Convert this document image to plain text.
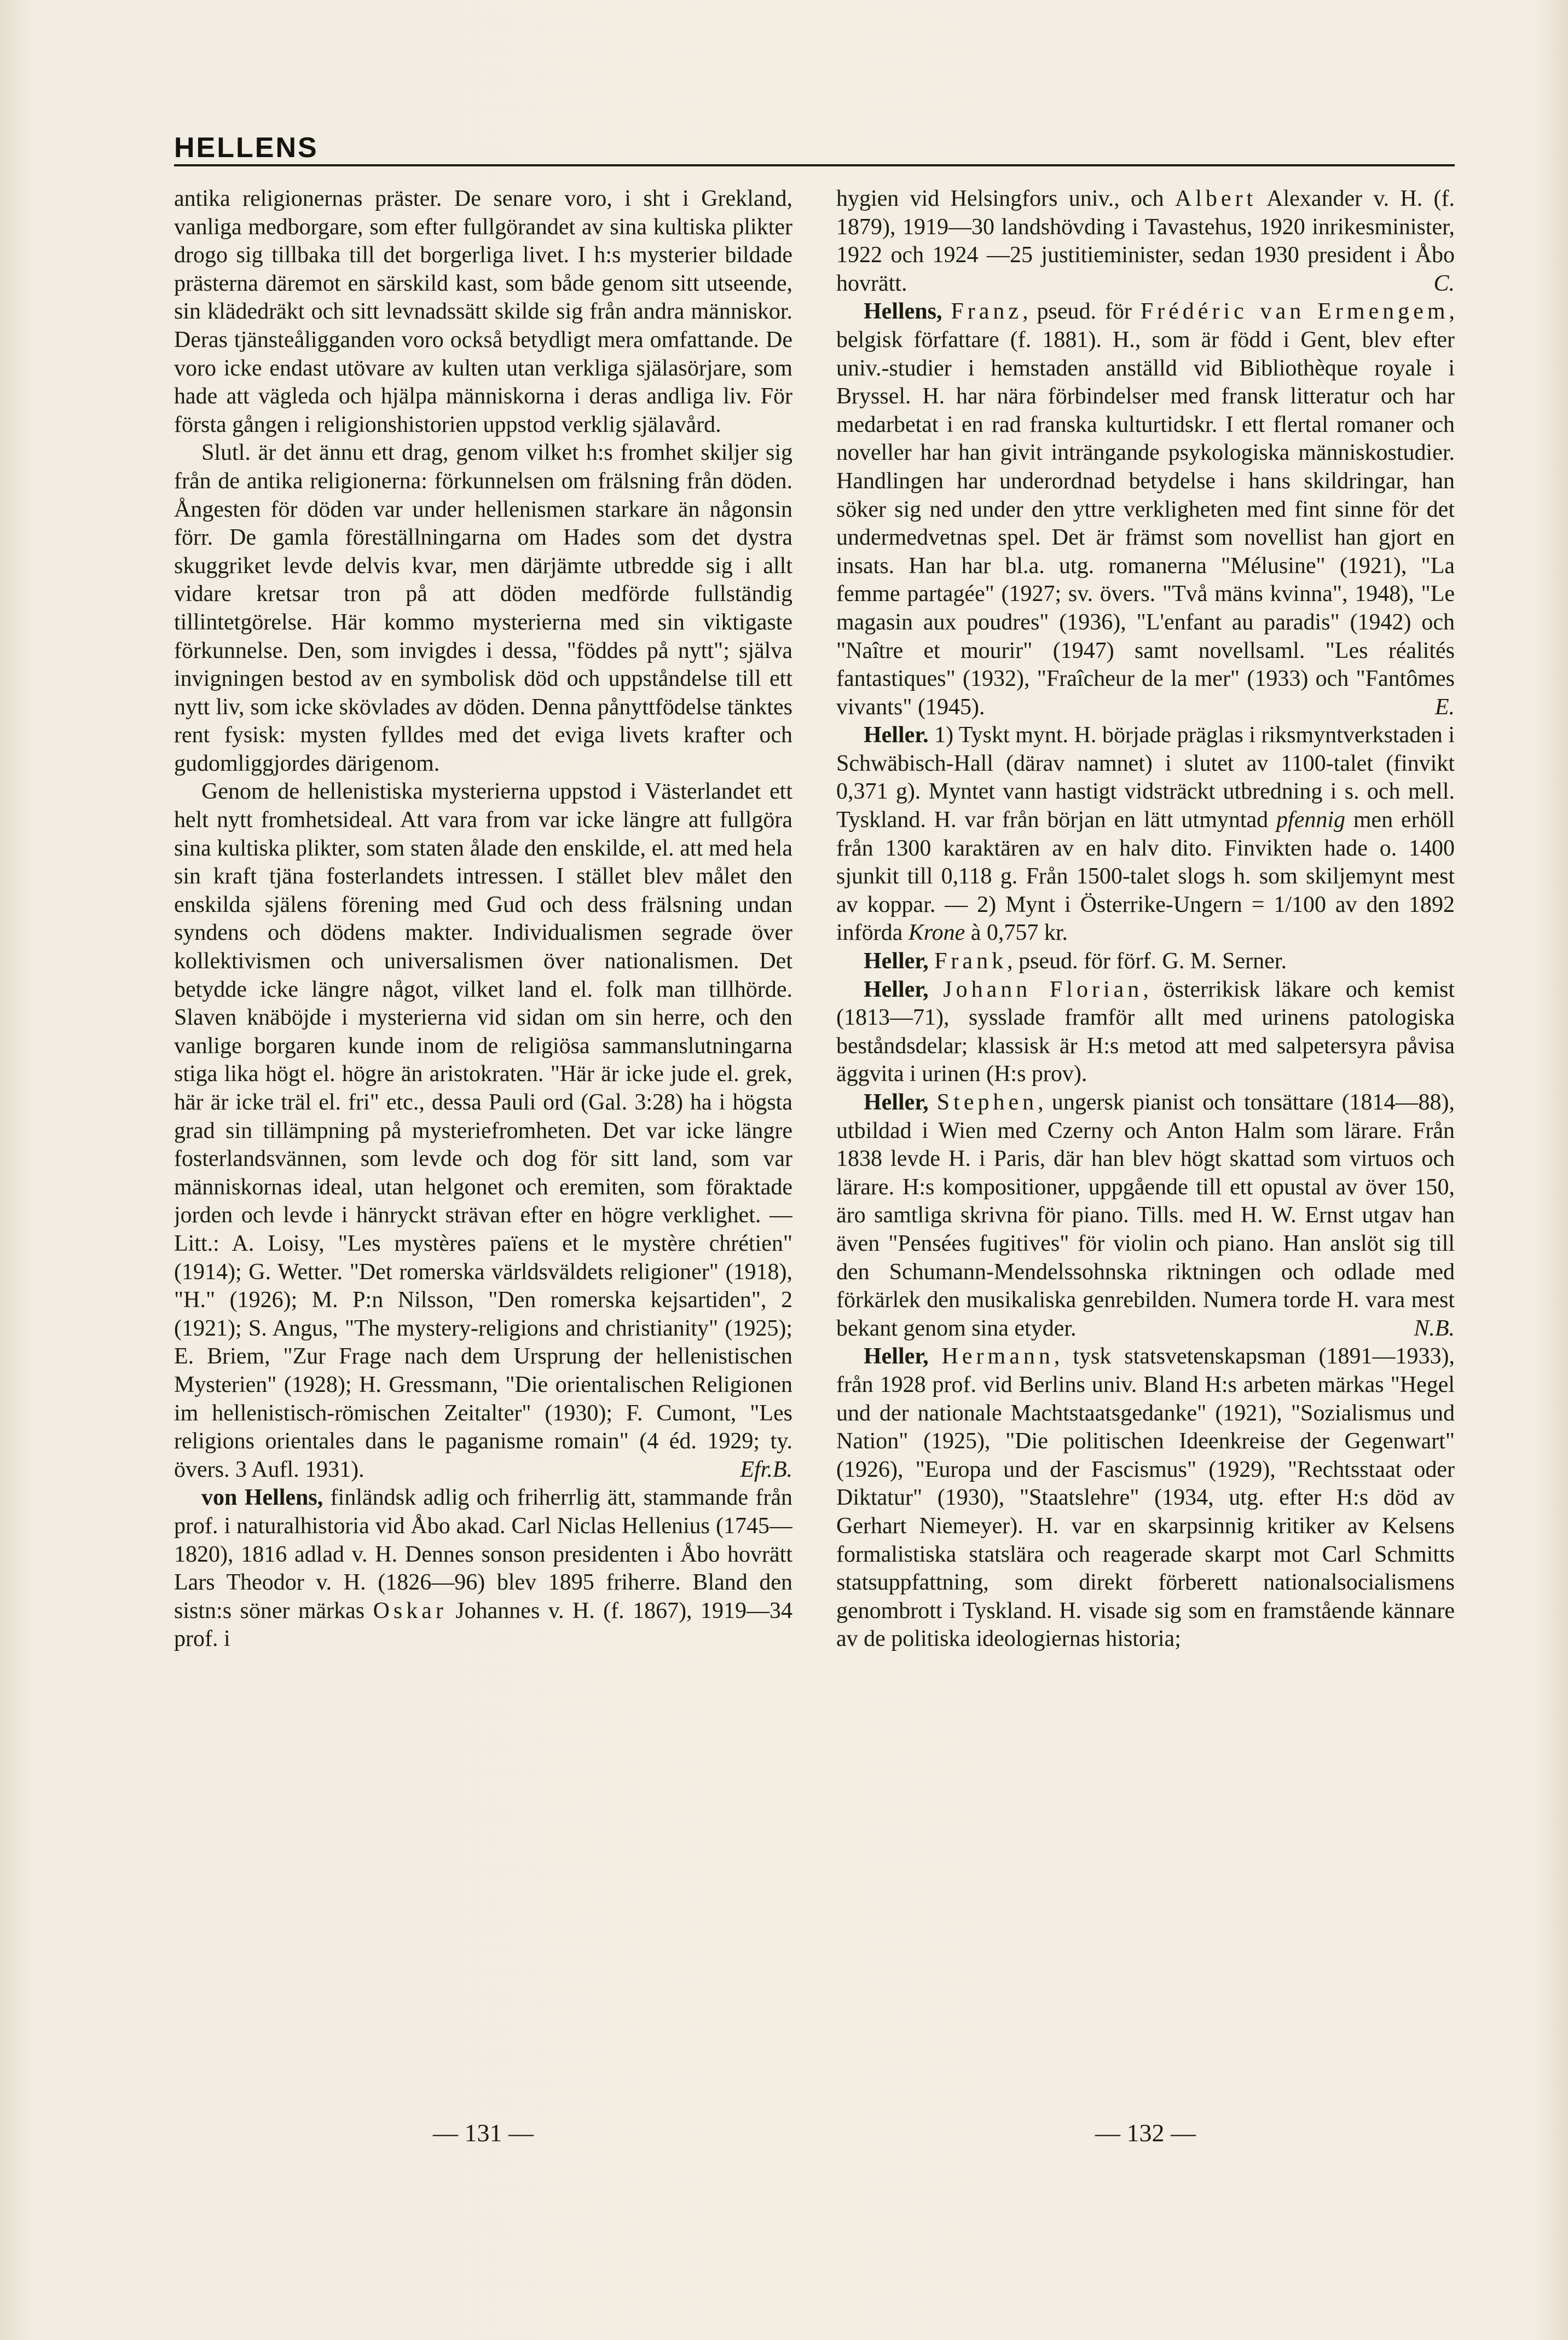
HELLENS

antika religionernas präster. De senare voro, i sht i Grekland, vanliga medborgare, som efter fullgörandet av sina kultiska plikter drogo sig tillbaka till det borgerliga livet. I h:s mysterier bildade prästerna däremot en särskild kast, som både genom sitt utseende, sin klädedräkt och sitt levnadssätt skilde sig från andra människor. Deras tjänsteåligganden voro också betydligt mera omfattande. De voro icke endast utövare av kulten utan verkliga själasörjare, som hade att vägleda och hjälpa människorna i deras andliga liv. För första gången i religionshistorien uppstod verklig själavård.

Slutl. är det ännu ett drag, genom vilket h:s fromhet skiljer sig från de antika religionerna: förkunnelsen om frälsning från döden. Ångesten för döden var under hellenismen starkare än någonsin förr. De gamla föreställningarna om Hades som det dystra skuggriket levde delvis kvar, men därjämte utbredde sig i allt vidare kretsar tron på att döden medförde fullständig tillintetgörelse. Här kommo mysterierna med sin viktigaste förkunnelse. Den, som invigdes i dessa, "föddes på nytt"; själva invigningen bestod av en symbolisk död och uppståndelse till ett nytt liv, som icke skövlades av döden. Denna pånyttfödelse tänktes rent fysisk: mysten fylldes med det eviga livets krafter och gudomliggjordes därigenom.

Genom de hellenistiska mysterierna uppstod i Västerlandet ett helt nytt fromhetsideal. Att vara from var icke längre att fullgöra sina kultiska plikter, som staten ålade den enskilde, el. att med hela sin kraft tjäna fosterlandets intressen. I stället blev målet den enskilda själens förening med Gud och dess frälsning undan syndens och dödens makter. Individualismen segrade över kollektivismen och universalismen över nationalismen. Det betydde icke längre något, vilket land el. folk man tillhörde. Slaven knäböjde i mysterierna vid sidan om sin herre, och den vanlige borgaren kunde inom de religiösa sammanslutningarna stiga lika högt el. högre än aristokraten. "Här är icke jude el. grek, här är icke träl el. fri" etc., dessa Pauli ord (Gal. 3:28) ha i högsta grad sin tillämpning på mysteriefromheten. Det var icke längre fosterlandsvännen, som levde och dog för sitt land, som var människornas ideal, utan helgonet och eremiten, som föraktade jorden och levde i hänryckt strävan efter en högre verklighet. — Litt.: A. Loisy, "Les mystères païens et le mystère chrétien" (1914); G. Wetter. "Det romerska världsväldets religioner" (1918), "H." (1926); M. P:n Nilsson, "Den romerska kejsartiden", 2 (1921); S. Angus, "The mystery-religions and christianity" (1925); E. Briem, "Zur Frage nach dem Ursprung der hellenistischen Mysterien" (1928); H. Gressmann, "Die orientalischen Religionen im hellenistisch-römischen Zeitalter" (1930); F. Cumont, "Les religions orientales dans le paganisme romain" (4 éd. 1929; ty. övers. 3 Aufl. 1931).	Efr.B.

von Hellens, finländsk adlig och friherrlig ätt, stammande från prof. i naturalhistoria vid Åbo akad. Carl Niclas Hellenius (1745—1820), 1816 adlad v. H. Dennes sonson presidenten i Åbo hovrätt Lars Theodor v. H. (1826—96) blev 1895 friherre. Bland den sistn:s söner märkas Oskar Johannes v. H. (f. 1867), 1919—34 prof. i

hygien vid Helsingfors univ., och Albert Alexander v. H. (f. 1879), 1919—30 landshövding i Tavastehus, 1920 inrikesminister, 1922 och 1924 —25 justitieminister, sedan 1930 president i Åbo hovrätt.	C.

Hellens, Franz, pseud. för Frédéric van Ermengem, belgisk författare (f. 1881). H., som är född i Gent, blev efter univ.-studier i hemstaden anställd vid Bibliothèque royale i Bryssel. H. har nära förbindelser med fransk litteratur och har medarbetat i en rad franska kulturtidskr. I ett flertal romaner och noveller har han givit inträngande psykologiska människostudier. Handlingen har underordnad betydelse i hans skildringar, han söker sig ned under den yttre verkligheten med fint sinne för det undermedvetnas spel. Det är främst som novellist han gjort en insats. Han har bl.a. utg. romanerna "Mélusine" (1921), "La femme partagée" (1927; sv. övers. "Två mäns kvinna", 1948), "Le magasin aux poudres" (1936), "L'enfant au paradis" (1942) och "Naître et mourir" (1947) samt novellsaml. "Les réalités fantastiques" (1932), "Fraîcheur de la mer" (1933) och "Fantômes vivants" (1945).	E.

Heller. 1) Tyskt mynt. H. började präglas i riksmyntverkstaden i Schwäbisch-Hall (därav namnet) i slutet av 1100-talet (finvikt 0,371 g). Myntet vann hastigt vidsträckt utbredning i s. och mell. Tyskland. H. var från början en lätt utmyntad pfennig men erhöll från 1300 karaktären av en halv dito. Finvikten hade o. 1400 sjunkit till 0,118 g. Från 1500-talet slogs h. som skiljemynt mest av koppar. — 2) Mynt i Österrike-Ungern = 1/100 av den 1892 införda Krone à 0,757 kr.

Heller, Frank, pseud. för förf. G. M. Serner.

Heller, Johann Florian, österrikisk läkare och kemist (1813—71), sysslade framför allt med urinens patologiska beståndsdelar; klassisk är H:s metod att med salpetersyra påvisa äggvita i urinen (H:s prov).

Heller, Stephen, ungersk pianist och tonsättare (1814—88), utbildad i Wien med Czerny och Anton Halm som lärare. Från 1838 levde H. i Paris, där han blev högt skattad som virtuos och lärare. H:s kompositioner, uppgående till ett opustal av över 150, äro samtliga skrivna för piano. Tills. med H. W. Ernst utgav han även "Pensées fugitives" för violin och piano. Han anslöt sig till den Schumann-Mendelssohnska riktningen och odlade med förkärlek den musikaliska genrebilden. Numera torde H. vara mest bekant genom sina etyder.	N.B.

Heller, Hermann, tysk statsvetenskapsman (1891—1933), från 1928 prof. vid Berlins univ. Bland H:s arbeten märkas "Hegel und der nationale Machtstaatsgedanke" (1921), "Sozialismus und Nation" (1925), "Die politischen Ideenkreise der Gegenwart" (1926), "Europa und der Fascismus" (1929), "Rechtsstaat oder Diktatur" (1930), "Staatslehre" (1934, utg. efter H:s död av Gerhart Niemeyer). H. var en skarpsinnig kritiker av Kelsens formalistiska statslära och reagerade skarpt mot Carl Schmitts statsuppfattning, som direkt förberett nationalsocialismens genombrott i Tyskland. H. visade sig som en framstående kännare av de politiska ideologiernas historia;

— 131 —	— 132 —
